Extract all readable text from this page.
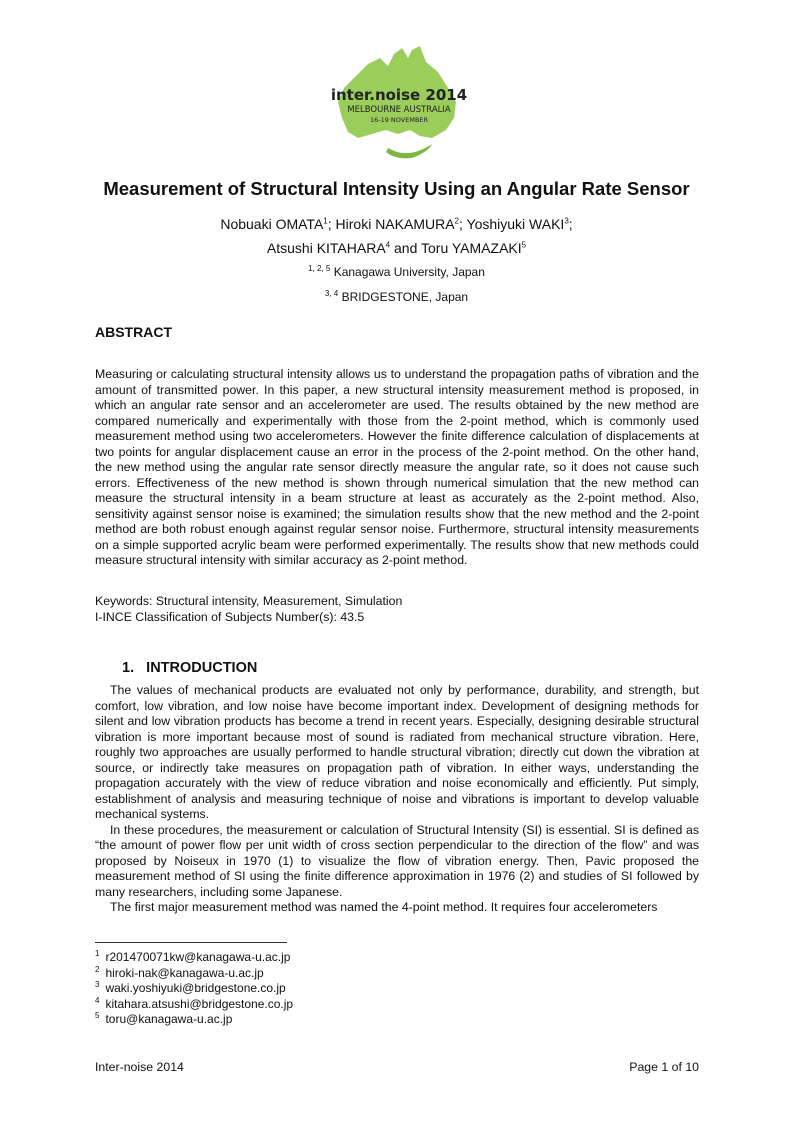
inter.noise 2014
MELBOURNE AUSTRALIA
16-19 NOVEMBER
Measurement of Structural Intensity Using an Angular Rate Sensor
Nobuaki OMATA$^1$; Hiroki NAKAMURA$^2$; Yoshiyuki WAKI$^3$;
Atsushi KITAHARA$^4$ and Toru YAMAZAKI$^5$
$^{1, 2, 5}$ Kanagawa University, Japan
$^{3, 4}$ BRIDGESTONE, Japan
ABSTRACT

Measuring or calculating structural intensity allows us to understand the propagation paths of vibration and the amount of transmitted power. In this paper, a new structural intensity measurement method is proposed, in which an angular rate sensor and an accelerometer are used. The results obtained by the new method are compared numerically and experimentally with those from the 2-point method, which is commonly used measurement method using two accelerometers. However the finite difference calculation of displacements at two points for angular displacement cause an error in the process of the 2-point method. On the other hand, the new method using the angular rate sensor directly measure the angular rate, so it does not cause such errors. Effectiveness of the new method is shown through numerical simulation that the new method can measure the structural intensity in a beam structure at least as accurately as the 2-point method. Also, sensitivity against sensor noise is examined; the simulation results show that the new method and the 2-point method are both robust enough against regular sensor noise. Furthermore, structural intensity measurements on a simple supported acrylic beam were performed experimentally. The results show that new methods could measure structural intensity with similar accuracy as 2-point method.

Keywords: Structural intensity, Measurement, Simulation

I-INCE Classification of Subjects Number(s): 43.5

1.   INTRODUCTION

The values of mechanical products are evaluated not only by performance, durability, and strength, but comfort, low vibration, and low noise have become important index. Development of designing methods for silent and low vibration products has become a trend in recent years. Especially, designing desirable structural vibration is more important because most of sound is radiated from mechanical structure vibration. Here, roughly two approaches are usually performed to handle structural vibration; directly cut down the vibration at source, or indirectly take measures on propagation path of vibration. In either ways, understanding the propagation accurately with the view of reduce vibration and noise economically and efficiently. Put simply, establishment of analysis and measuring technique of noise and vibrations is important to develop valuable mechanical systems.

In these procedures, the measurement or calculation of Structural Intensity (SI) is essential. SI is defined as “the amount of power flow per unit width of cross section perpendicular to the direction of the flow” and was proposed by Noiseux in 1970 (1) to visualize the flow of vibration energy. Then, Pavic proposed the measurement method of SI using the finite difference approximation in 1976 (2) and studies of SI followed by many researchers, including some Japanese.

The first major measurement method was named the 4-point method. It requires four accelerometers

$^1$ r201470071kw@kanagawa-u.ac.jp
$^2$ hiroki-nak@kanagawa-u.ac.jp
$^3$ waki.yoshiyuki@bridgestone.co.jp
$^4$ kitahara.atsushi@bridgestone.co.jp
$^5$ toru@kanagawa-u.ac.jp
Inter-noise 2014	Page 1 of 10
